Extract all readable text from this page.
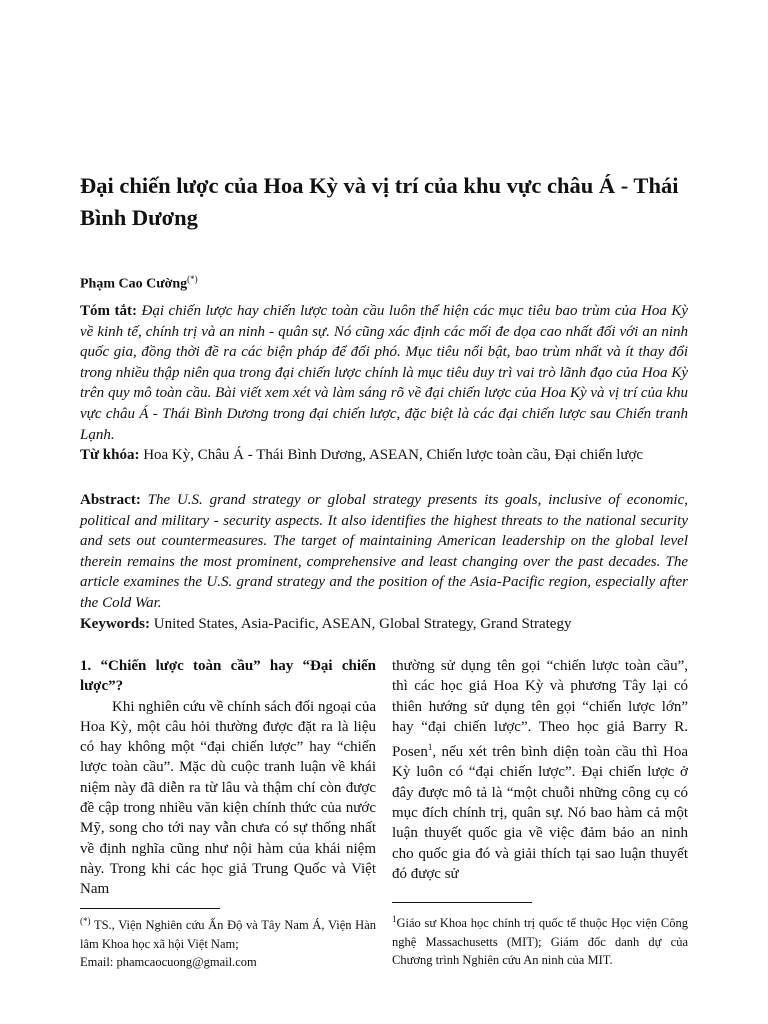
Đại chiến lược của Hoa Kỳ và vị trí của khu vực châu Á - Thái Bình Dương
Phạm Cao Cường(*)

Tóm tắt: Đại chiến lược hay chiến lược toàn cầu luôn thể hiện các mục tiêu bao trùm của Hoa Kỳ về kinh tế, chính trị và an ninh - quân sự. Nó cũng xác định các mối đe dọa cao nhất đối với an ninh quốc gia, đồng thời đề ra các biện pháp để đối phó. Mục tiêu nổi bật, bao trùm nhất và ít thay đổi trong nhiều thập niên qua trong đại chiến lược chính là mục tiêu duy trì vai trò lãnh đạo của Hoa Kỳ trên quy mô toàn cầu. Bài viết xem xét và làm sáng rõ về đại chiến lược của Hoa Kỳ và vị trí của khu vực châu Á - Thái Bình Dương trong đại chiến lược, đặc biệt là các đại chiến lược sau Chiến tranh Lạnh.

Từ khóa: Hoa Kỳ, Châu Á - Thái Bình Dương, ASEAN, Chiến lược toàn cầu, Đại chiến lược

Abstract: The U.S. grand strategy or global strategy presents its goals, inclusive of economic, political and military - security aspects. It also identifies the highest threats to the national security and sets out countermeasures. The target of maintaining American leadership on the global level therein remains the most prominent, comprehensive and least changing over the past decades. The article examines the U.S. grand strategy and the position of the Asia-Pacific region, especially after the Cold War.

Keywords: United States, Asia-Pacific, ASEAN, Global Strategy, Grand Strategy

1. “Chiến lược toàn cầu” hay “Đại chiến lược”?

Khi nghiên cứu về chính sách đối ngoại của Hoa Kỳ, một câu hỏi thường được đặt ra là liệu có hay không một “đại chiến lược” hay “chiến lược toàn cầu”. Mặc dù cuộc tranh luận về khái niệm này đã diễn ra từ lâu và thậm chí còn được đề cập trong nhiều văn kiện chính thức của nước Mỹ, song cho tới nay vẫn chưa có sự thống nhất về định nghĩa cũng như nội hàm của khái niệm này. Trong khi các học giả Trung Quốc và Việt Nam

thường sử dụng tên gọi “chiến lược toàn cầu”, thì các học giả Hoa Kỳ và phương Tây lại có thiên hướng sử dụng tên gọi “chiến lược lớn” hay “đại chiến lược”. Theo học giả Barry R. Posen$^1$, nếu xét trên bình diện toàn cầu thì Hoa Kỳ luôn có “đại chiến lược”. Đại chiến lược ở đây được mô tả là “một chuỗi những công cụ có mục đích chính trị, quân sự. Nó bao hàm cả một luận thuyết quốc gia về việc đảm bảo an ninh cho quốc gia đó và giải thích tại sao luận thuyết đó được sử

(*) TS., Viện Nghiên cứu Ấn Độ và Tây Nam Á, Viện Hàn lâm Khoa học xã hội Việt Nam;
Email: phamcaocuong@gmail.com

$^1$Giáo sư Khoa học chính trị quốc tế thuộc Học viện Công nghệ Massachusetts (MIT); Giám đốc danh dự của Chương trình Nghiên cứu An ninh của MIT.
